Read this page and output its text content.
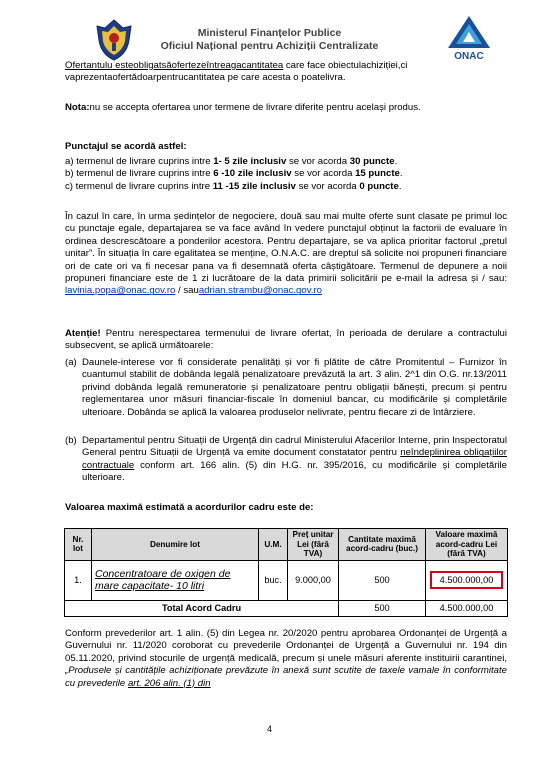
Ministerul Finanțelor Publice
Oficiul Național pentru Achiziții Centralizate
ONAC
Ofertantulu esteobligatsăofertezeîntreagacantitatea care face obiectulachiziției,ci
vaprezentaofertădoarpentrucantitatea pe care acesta o poatelivra.
Nota:nu se accepta ofertarea unor termene de livrare diferite pentru același produs.
Punctajul se acordă astfel:
a) termenul de livrare cuprins intre 1- 5 zile inclusiv se vor acorda 30 puncte.
b) termenul de livrare cuprins intre 6 -10 zile inclusiv se vor acorda 15 puncte.
c) termenul de livrare cuprins intre 11 -15 zile inclusiv se vor acorda 0 puncte.
În cazul în care, în urma ședințelor de negociere, două sau mai multe oferte sunt clasate pe primul loc cu punctaje egale, departajarea se va face având în vedere punctajul obținut la factorii de evaluare în ordinea descrescătoare a ponderilor acestora. Pentru departajare, se va aplica prioritar factorul „pretul unitar”. În situația în care egalitatea se menține, O.N.A.C. are dreptul să solicite noi propuneri financiare ori de cate ori va fi necesar pana va fi desemnată oferta câștigătoare. Termenul de depunere a noii propuneri financiare este de 1 zi lucrătoare de la data primirii solicitării pe e-mail la adresa și / sau: lavinia.popa@onac.gov.ro / sauadrian.strambu@onac.gov.ro
Atenție! Pentru nerespectarea termenului de livrare ofertat, în perioada de derulare a contractului subsecvent, se aplică următoarele:
(a) Daunele-interese vor fi considerate penalități și vor fi plătite de către Promitentul – Furnizor în cuantumul stabilit de dobânda legală penalizatoare prevăzută la art. 3 alin. 2^1 din O.G. nr.13/2011 privind dobânda legală remuneratorie și penalizatoare pentru obligații bănești, precum și pentru reglementarea unor măsuri financiar-fiscale în domeniul bancar, cu modificările și completările ulterioare. Dobânda se aplică la valoarea produselor nelivrate, pentru fiecare zi de întârziere.
(b) Departamentul pentru Situații de Urgență din cadrul Ministerului Afacerilor Interne, prin Inspectoratul General pentru Situații de Urgență va emite document constatator pentru neîndeplinirea obligațiilor contractuale conform art. 166 alin. (5) din H.G. nr. 395/2016, cu modificările și completările ulterioare.
Valoarea maximă estimată a acordurilor cadru este de:
Nr. lot	Denumire lot	U.M.	Preț unitar Lei (fără TVA)	Cantitate maximă acord-cadru (buc.)	Valoare maximă acord-cadru Lei (fără TVA)
1.	Concentratoare de oxigen de mare capacitate- 10 litri	buc.	9.000,00	500	4.500.000,00
Total Acord Cadru				500	4.500.000,00
Conform prevederilor art. 1 alin. (5) din Legea nr. 20/2020 pentru aprobarea Ordonanței de Urgență a Guvernului nr. 11/2020 coroborat cu prevederile Ordonanței de Urgență a Guvernului nr. 194 din 05.11.2020, privind stocurile de urgență medicală, precum și unele măsuri aferente instituirii carantinei, „Produsele și cantitățile achiziționate prevăzute în anexă sunt scutite de taxele vamale în conformitate cu prevederile art. 206 alin. (1) din
4
